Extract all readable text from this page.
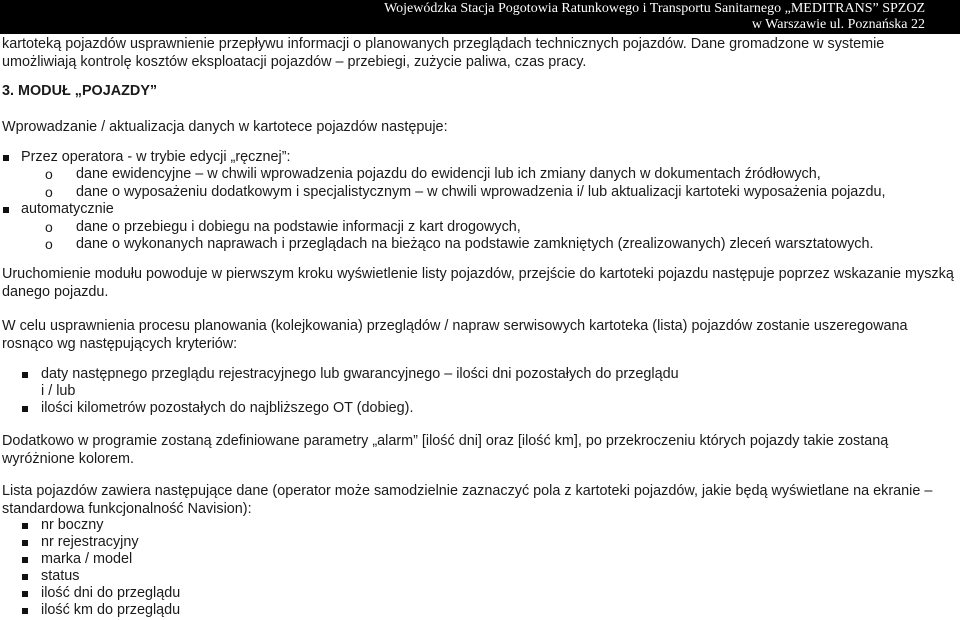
Wojewódzka Stacja Pogotowia Ratunkowego i Transportu Sanitarnego „MEDITRANS” SPZOZ
w Warszawie ul. Poznańska 22
kartoteką pojazdów usprawnienie przepływu informacji o planowanych przeglądach technicznych pojazdów. Dane gromadzone w systemie
umożliwiają kontrolę kosztów eksploatacji pojazdów – przebiegi, zużycie paliwa, czas pracy.
3. MODUŁ „POJAZDY”
Wprowadzanie / aktualizacja danych w kartotece pojazdów następuje:
Przez operatora - w trybie edycji „ręcznej”:
o dane ewidencyjne – w chwili wprowadzenia pojazdu do ewidencji lub ich zmiany danych w dokumentach źródłowych,
o dane o wyposażeniu dodatkowym i specjalistycznym – w chwili wprowadzenia i/ lub aktualizacji kartoteki wyposażenia pojazdu,
automatycznie
o dane o przebiegu i dobiegu na podstawie informacji z kart drogowych,
o dane o wykonanych naprawach i przeglądach na bieżąco na podstawie zamkniętych (zrealizowanych) zleceń warsztatowych.
Uruchomienie modułu powoduje w pierwszym kroku wyświetlenie listy pojazdów, przejście do kartoteki pojazdu następuje poprzez wskazanie myszką
danego pojazdu.
W celu usprawnienia procesu planowania (kolejkowania) przeglądów / napraw serwisowych kartoteka (lista) pojazdów zostanie uszeregowana
rosnąco wg następujących kryteriów:
daty następnego przeglądu rejestracyjnego lub gwarancyjnego – ilości dni pozostałych do przeglądu
i / lub
ilości kilometrów pozostałych do najbliższego OT (dobieg).
Dodatkowo w programie zostaną zdefiniowane parametry „alarm” [ilość dni] oraz [ilość km], po przekroczeniu których pojazdy takie zostaną
wyróżnione kolorem.
Lista pojazdów zawiera następujące dane (operator może samodzielnie zaznaczyć pola z kartoteki pojazdów, jakie będą wyświetlane na ekranie –
standardowa funkcjonalność Navision):
nr boczny
nr rejestracyjny
marka / model
status
ilość dni do przeglądu
ilość km do przeglądu
